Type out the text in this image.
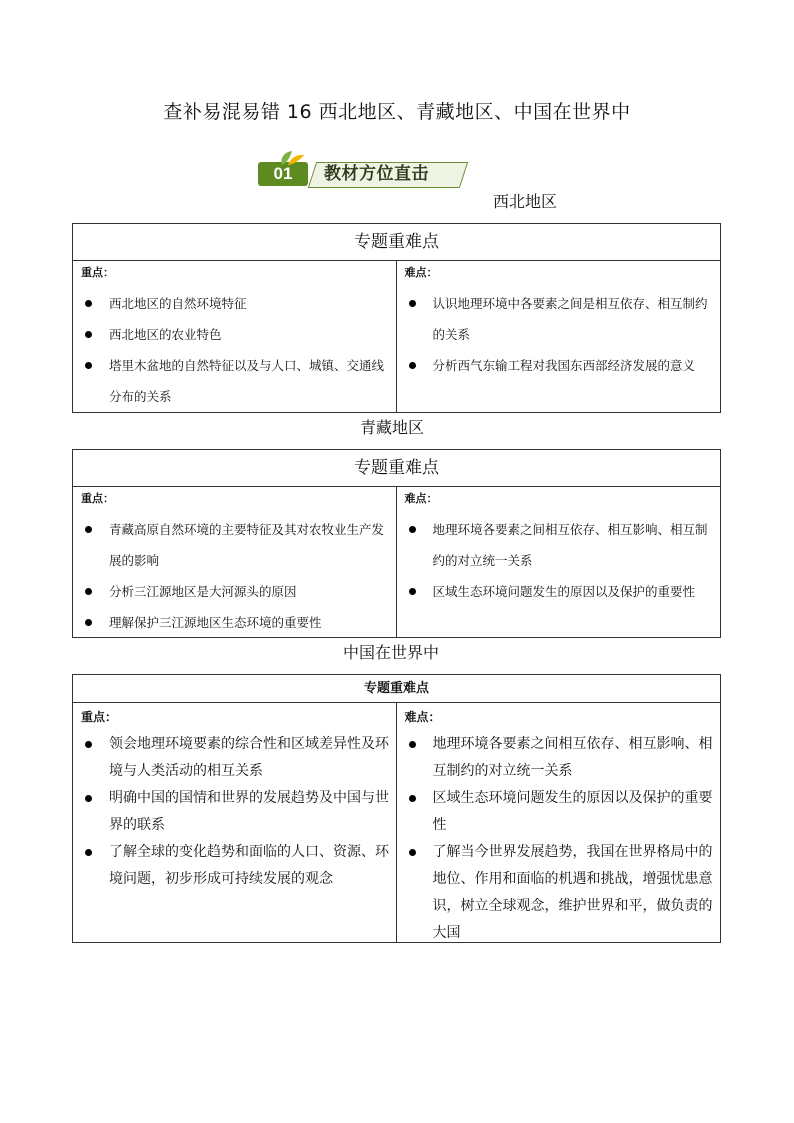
查补易混易错 16 西北地区、青藏地区、中国在世界中
01	教材方位直击
西北地区
专题重难点
重点：
西北地区的自然环境特征
西北地区的农业特色
塔里木盆地的自然特征以及与人口、城镇、交通线分布的关系
难点：
认识地理环境中各要素之间是相互依存、相互制约的关系
分析西气东输工程对我国东西部经济发展的意义
青藏地区
专题重难点
重点：
青藏高原自然环境的主要特征及其对农牧业生产发展的影响
分析三江源地区是大河源头的原因
理解保护三江源地区生态环境的重要性
难点：
地理环境各要素之间相互依存、相互影响、相互制约的对立统一关系
区域生态环境问题发生的原因以及保护的重要性
中国在世界中
专题重难点
重点：
领会地理环境要素的综合性和区域差异性及环境与人类活动的相互关系
明确中国的国情和世界的发展趋势及中国与世界的联系
了解全球的变化趋势和面临的人口、资源、环境问题，初步形成可持续发展的观念
难点：
地理环境各要素之间相互依存、相互影响、相互制约的对立统一关系
区域生态环境问题发生的原因以及保护的重要性
了解当今世界发展趋势，我国在世界格局中的地位、作用和面临的机遇和挑战，增强忧患意识，树立全球观念，维护世界和平，做负责的大国
